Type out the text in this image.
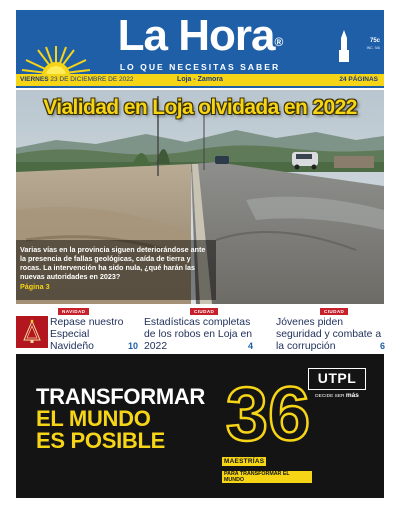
La Hora®
LO QUE NECESITAS SABER
75c
INC. IVA
VIERNES 23 DE DICIEMBRE DE 2022	Loja - Zamora	24 PÁGINAS
Vialidad en Loja olvidada en 2022

Varias vías en la provincia siguen deteriorándose ante la presencia de fallas geológicas, caída de tierra y rocas. La intervención ha sido nula, ¿qué harán las nuevas autoridades en 2023?

Página 3
NAVIDAD
Repase nuestro Especial Navideño	10
CIUDAD
Estadísticas completas de los robos en Loja en 2022	4
CIUDAD
Jóvenes piden seguridad y combate a la corrupción	6
TRANSFORMAR
EL MUNDO
ES POSIBLE 36
MAESTRÍAS
PARA TRANSFORMAR EL MUNDO
UTPL
DECIDE SER más
